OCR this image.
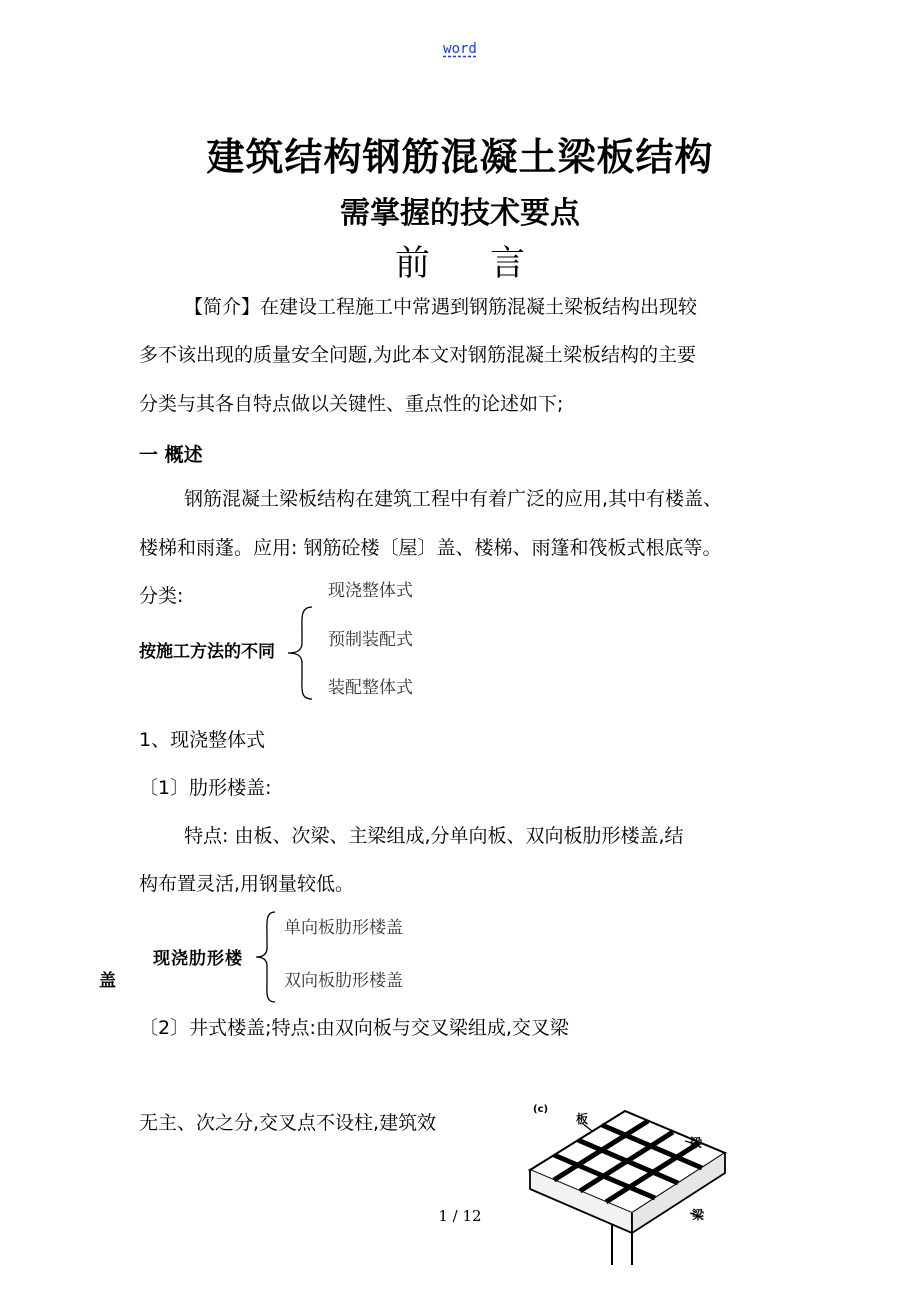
word
建筑结构钢筋混凝土梁板结构
需掌握的技术要点
前言
【简介】在建设工程施工中常遇到钢筋混凝土梁板结构出现较
多不该出现的质量安全问题,为此本文对钢筋混凝土梁板结构的主要
分类与其各自特点做以关键性、重点性的论述如下;
一 概述
钢筋混凝土梁板结构在建筑工程中有着广泛的应用,其中有楼盖、
楼梯和雨蓬。应用: 钢筋砼楼〔屋〕盖、楼梯、雨篷和筏板式根底等。
分类:
按施工方法的不同
现浇整体式
预制装配式
装配整体式
1、现浇整体式
〔1〕肋形楼盖:
特点: 由板、次梁、主梁组成,分单向板、双向板肋形楼盖,结
构布置灵活,用钢量较低。
现浇肋形楼
盖
单向板肋形楼盖
双向板肋形楼盖
〔2〕井式楼盖;特点:由双向板与交叉梁组成,交叉梁
无主、次之分,交叉点不设柱,建筑效
(c)
板
梁
梁
1 / 12
